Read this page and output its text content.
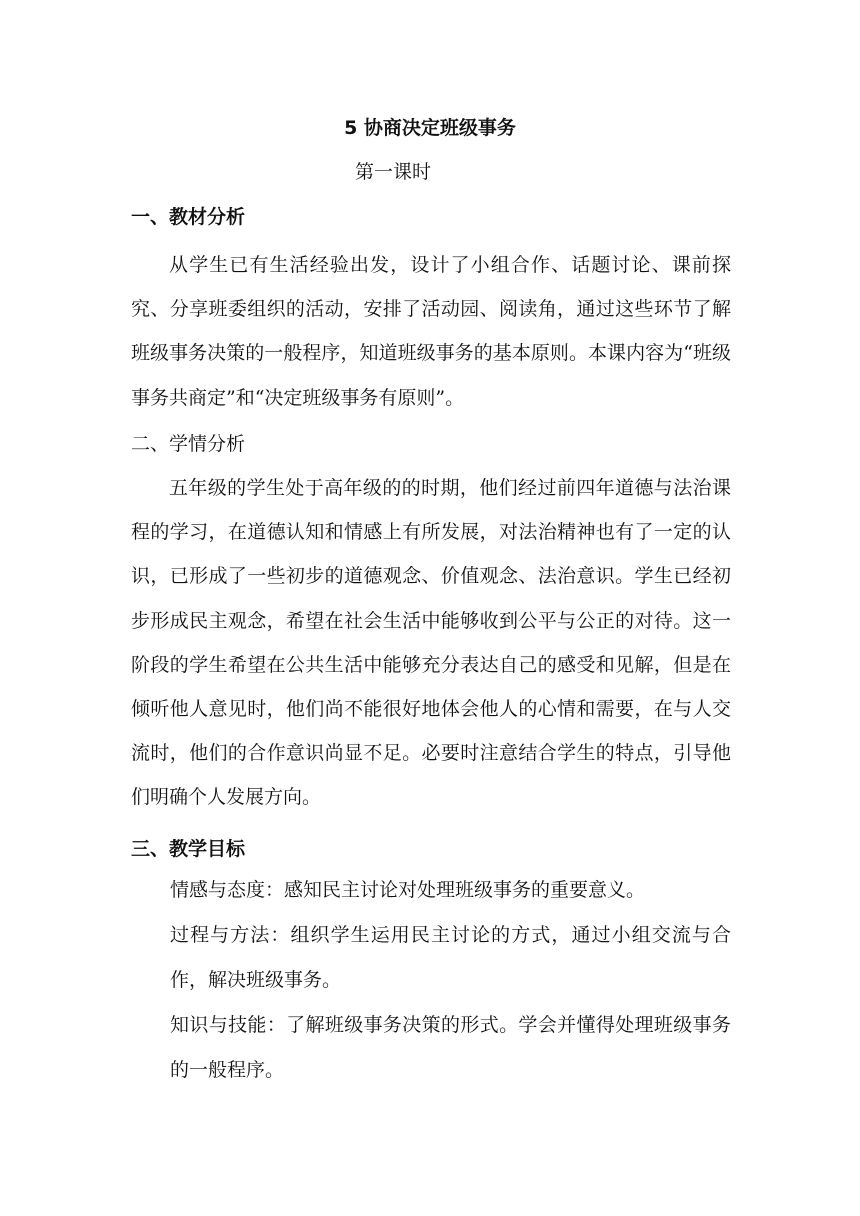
5 协商决定班级事务
第一课时
一、教材分析

从学生已有生活经验出发，设计了小组合作、话题讨论、课前探究、分享班委组织的活动，安排了活动园、阅读角，通过这些环节了解班级事务决策的一般程序，知道班级事务的基本原则。本课内容为“班级事务共商定”和“决定班级事务有原则”。

二、学情分析

五年级的学生处于高年级的的时期，他们经过前四年道德与法治课程的学习，在道德认知和情感上有所发展，对法治精神也有了一定的认识，已形成了一些初步的道德观念、价值观念、法治意识。学生已经初步形成民主观念，希望在社会生活中能够收到公平与公正的对待。这一阶段的学生希望在公共生活中能够充分表达自己的感受和见解，但是在倾听他人意见时，他们尚不能很好地体会他人的心情和需要，在与人交流时，他们的合作意识尚显不足。必要时注意结合学生的特点，引导他们明确个人发展方向。

三、教学目标

情感与态度：感知民主讨论对处理班级事务的重要意义。

过程与方法：组织学生运用民主讨论的方式，通过小组交流与合作，解决班级事务。

知识与技能：了解班级事务决策的形式。学会并懂得处理班级事务的一般程序。
